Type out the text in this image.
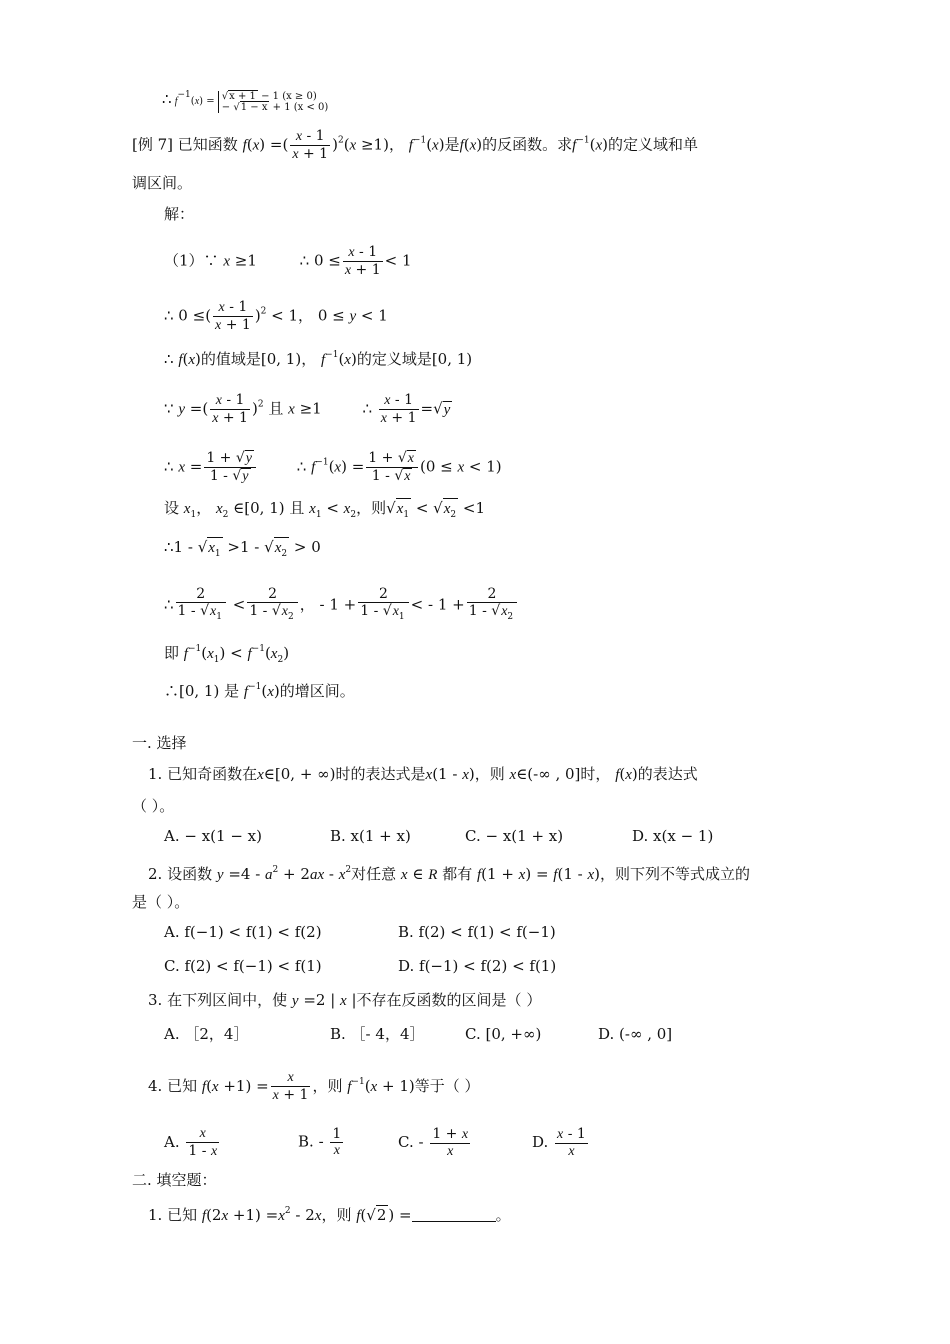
∴ f−1(x) = √x + 1 − 1 (x ≥ 0)
− √1 − x + 1 (x < 0)
[例 7] 已知函数 f(x) =( $\frac{x - 1}{x + 1} )^2(x \ge 1)$， $f^{-1}(x)$是f(x)的反函数。求$f^{-1}(x)$的定义域和单
调区间。
解：
（1）∵ x ≥1	∴ $0 \le \frac{x - 1}{x + 1} < 1$
∴ 0 ≤( $\frac{x - 1}{x + 1} )^2 < 1$， 0 ≤ y < 1
∴ f(x)的值域是[0, 1)， $f^{-1}(x)$的定义域是[0, 1)
∵ y =( $\frac{x - 1}{x + 1} )^2$ 且 x ≥1 ∴ $\frac{x - 1}{x + 1} =√y$
∴ $x = \frac{1 + √y}{1 - √y}$	∴ $f^{-1}(x) = \frac{1 + √x}{1 - √x} (0 \le x < 1)$
设 $x_1$， $x_2$ ∈[0, 1) 且 $x_1 < x_2$，则$√x_1 < √x_2 <1$
∴1 - $√x_1 >1 - √x_2 > 0$
∴ $\frac{2}{1 - √x_1} < \frac{2}{1 - √x_2}$ ， - $1 + \frac{2}{1 - √x_1}$ < - $1 + \frac{2}{1 - √x_2}$
即 $f^{-1}(x_1) < f^{-1}(x_2)$
∴[0, 1) 是 $f^{-1}(x)$的增区间。
一. 选择
1. 已知奇函数在x∈[0, + ∞)时的表达式是x(1 - x)，则 x∈(-∞ , 0]时， f(x)的表达式
（ ）。
A. − x(1 − x)	B. x(1 + x)	C. − x(1 + x)	D. x(x − 1)
2. 设函数 $y =4 - a^2 + 2ax - x^2$对任意 x ∈ R 都有 f(1 + x) = f(1 - x)，则下列不等式成立的
是（ ）。
A. f(−1) < f(1) < f(2)	B. f(2) < f(1) < f(−1)
C. f(2) < f(−1) < f(1)	D. f(−1) < f(2) < f(1)
3. 在下列区间中，使 y =2 | x |不存在反函数的区间是（ ）
A. ［2，4］	B. ［- 4，4］	C. [0, +∞)	D. (-∞ , 0]
4. 已知 $f(x +1) = \frac{x}{x + 1}$ ，则 $f^{-1}(x + 1)$等于（ ）
A. $\frac{x}{1 - x}$	B. - $\frac{1}{x}$	C. - $\frac{1 + x}{x}$	D. $\frac{x - 1}{x}$
二. 填空题：
1. 已知 $f(2x +1) =x^2 - 2x$，则 f(√2 ) =	。
